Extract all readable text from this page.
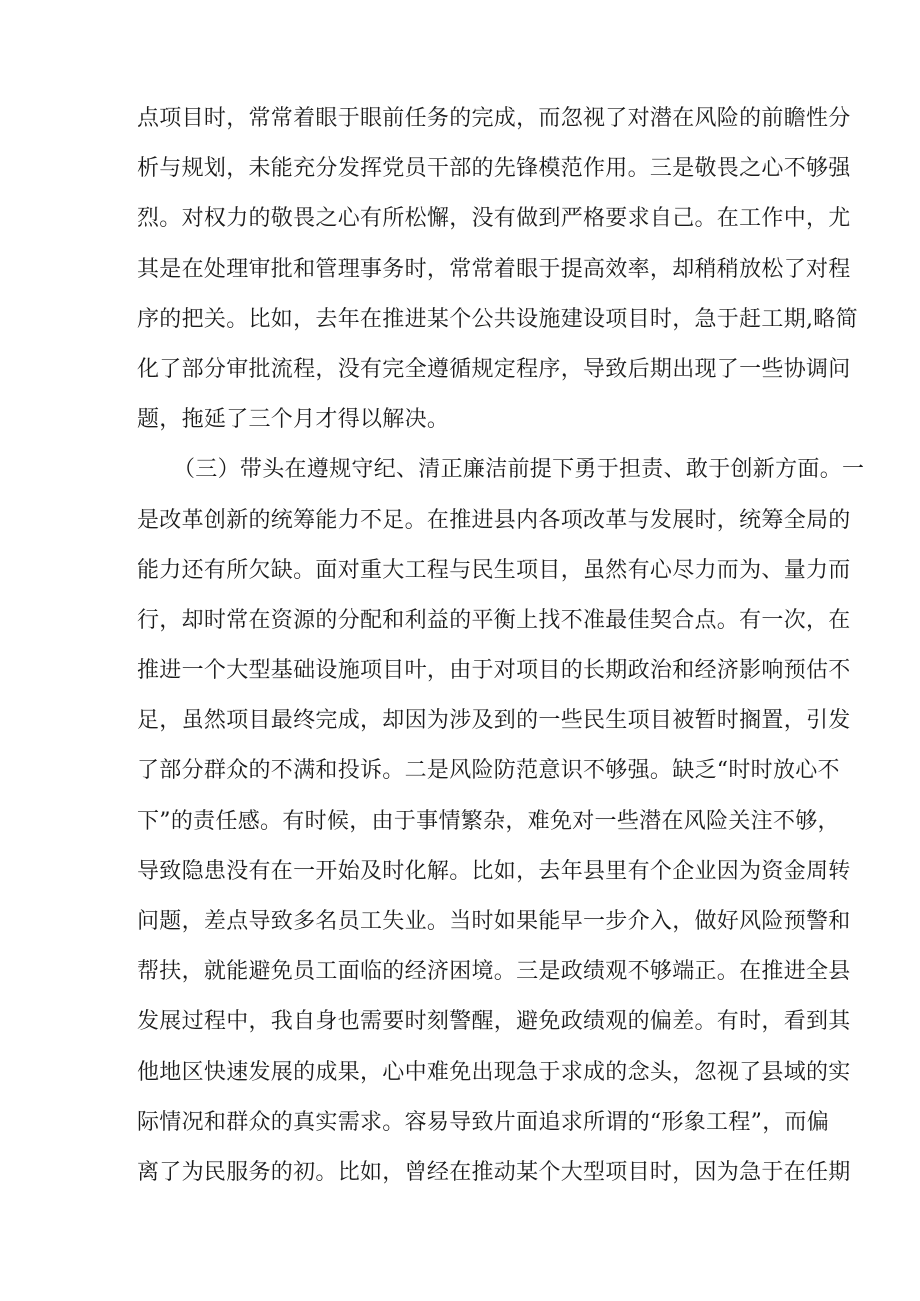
点项目时，常常着眼于眼前任务的完成，而忽视了对潜在风险的前瞻性分
析与规划，未能充分发挥党员干部的先锋模范作用。三是敬畏之心不够强
烈。对权力的敬畏之心有所松懈，没有做到严格要求自己。在工作中，尤
其是在处理审批和管理事务时，常常着眼于提高效率，却稍稍放松了对程
序的把关。比如，去年在推进某个公共设施建设项目时，急于赶工期,略简
化了部分审批流程，没有完全遵循规定程序，导致后期出现了一些协调问
题，拖延了三个月才得以解决。
（三）带头在遵规守纪、清正廉洁前提下勇于担责、敢于创新方面。一
是改革创新的统筹能力不足。在推进县内各项改革与发展时，统筹全局的
能力还有所欠缺。面对重大工程与民生项目，虽然有心尽力而为、量力而
行，却时常在资源的分配和利益的平衡上找不准最佳契合点。有一次，在
推进一个大型基础设施项目叶，由于对项目的长期政治和经济影响预估不
足，虽然项目最终完成，却因为涉及到的一些民生项目被暂时搁置，引发
了部分群众的不满和投诉。二是风险防范意识不够强。缺乏“时时放心不
下”的责任感。有时候，由于事情繁杂，难免对一些潜在风险关注不够，
导致隐患没有在一开始及时化解。比如，去年县里有个企业因为资金周转
问题，差点导致多名员工失业。当时如果能早一步介入，做好风险预警和
帮扶，就能避免员工面临的经济困境。三是政绩观不够端正。在推进全县
发展过程中，我自身也需要时刻警醒，避免政绩观的偏差。有时，看到其
他地区快速发展的成果，心中难免出现急于求成的念头，忽视了县域的实
际情况和群众的真实需求。容易导致片面追求所谓的“形象工程”，而偏
离了为民服务的初。比如，曾经在推动某个大型项目时，因为急于在任期
